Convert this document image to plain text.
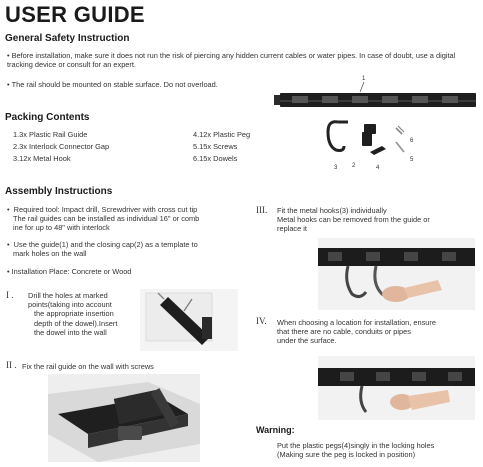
USER GUIDE
General Safety Instruction
• Before installation, make sure it does not run the risk of piercing any hidden current cables or water pipes. In case of doubt, use a digital tracking device or consult for an expert.
• The rail should be mounted on stable surface. Do not overload.
1
3 2	4
6
5
Packing Contents
1.3x Plastic Rail Guide
2.3x Interlock Connector Gap
3.12x Metal Hook
4.12x Plastic Peg
5.15x Screws
6.15x Dowels
Assembly Instructions
• Required tool: Impact drill, Screwdriver with cross cut tip
The rail guides can be installed as individual 16" or comb
ine for up to 48" with interlock
• Use the guide(1) and the closing cap(2) as a template to
mark holes on the wall
• Installation Place: Concrete or Wood
I . Drill the holes at marked
points(taking into account
the appropriate insertion
depth of the dowel).Insert
the dowel into the wall
II . Fix the rail guide on the wall with screws
III. Fit the metal hooks(3) individually
Metal hooks can be removed from the guide or
replace it
IV. When choosing a location for installation, ensure
that there are no cable, conduits or pipes
under the surface.
Warning:
Put the plastic pegs(4)singly in the locking holes
(Making sure the peg is locked in position)
